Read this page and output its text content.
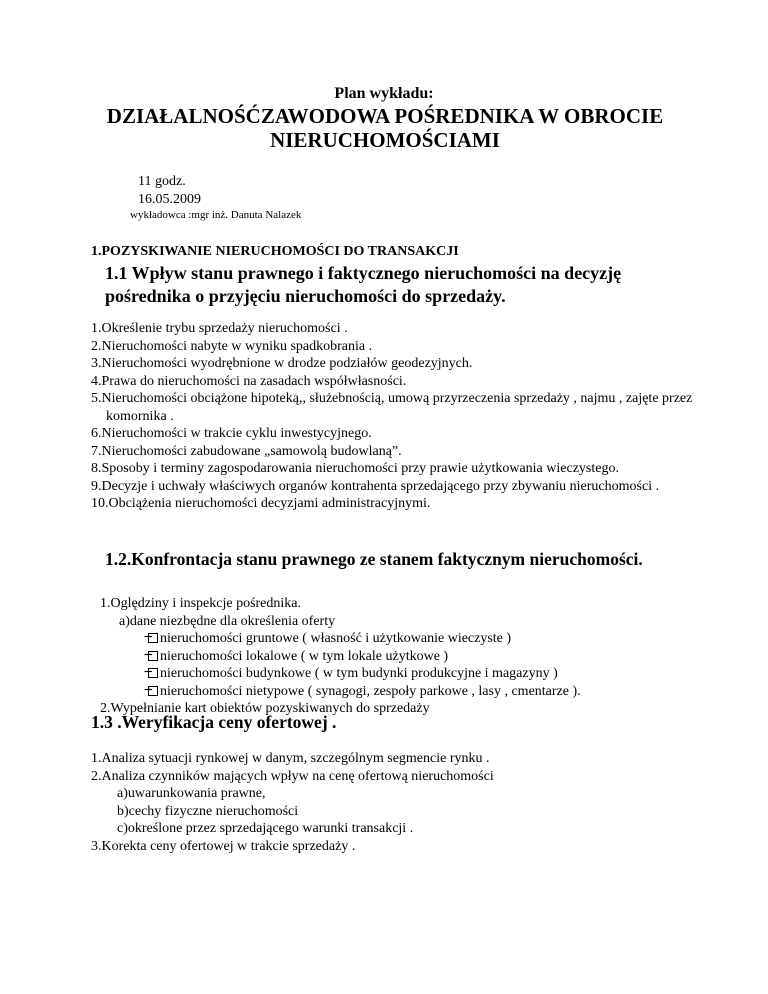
Plan wykładu:
DZIAŁALNOŚĆZAWODOWA POŚREDNIKA W OBROCIE
NIERUCHOMOŚCIAMI
11 godz.
16.05.2009
wykładowca :mgr inż. Danuta Nalazek
1.POZYSKIWANIE NIERUCHOMOŚCI DO TRANSAKCJI
1.1 Wpływ stanu prawnego i faktycznego nieruchomości na decyzję pośrednika o przyjęciu nieruchomości do sprzedaży.
1.Określenie trybu sprzedaży nieruchomości .
2.Nieruchomości nabyte w wyniku spadkobrania .
3.Nieruchomości wyodrębnione w drodze podziałów geodezyjnych.
4.Prawa do nieruchomości na zasadach współwłasności.
5.Nieruchomości obciążone hipoteką,, służebnością, umową przyrzeczenia sprzedaży , najmu , zajęte przez komornika .
6.Nieruchomości w trakcie cyklu inwestycyjnego.
7.Nieruchomości zabudowane „samowolą budowlaną”.
8.Sposoby i terminy zagospodarowania nieruchomości przy prawie użytkowania wieczystego.
9.Decyzje i uchwały właściwych organów kontrahenta sprzedającego przy zbywaniu nieruchomości .
10.Obciążenia nieruchomości decyzjami administracyjnymi.
1.2.Konfrontacja stanu prawnego ze stanem faktycznym nieruchomości.
1.Oględziny i inspekcje pośrednika.
a)dane niezbędne dla określenia oferty
nieruchomości gruntowe ( własność i użytkowanie wieczyste )
nieruchomości lokalowe ( w tym lokale użytkowe )
nieruchomości budynkowe ( w tym budynki produkcyjne i magazyny )
nieruchomości nietypowe ( synagogi, zespoły parkowe , lasy , cmentarze ).
2.Wypełnianie kart obiektów pozyskiwanych do sprzedaży
1.3 .Weryfikacja ceny ofertowej .
1.Analiza sytuacji rynkowej w danym, szczególnym segmencie rynku .
2.Analiza czynników mających wpływ na cenę ofertową nieruchomości
a)uwarunkowania prawne,
b)cechy fizyczne nieruchomości
c)określone przez sprzedającego warunki transakcji .
3.Korekta ceny ofertowej w trakcie sprzedaży .
